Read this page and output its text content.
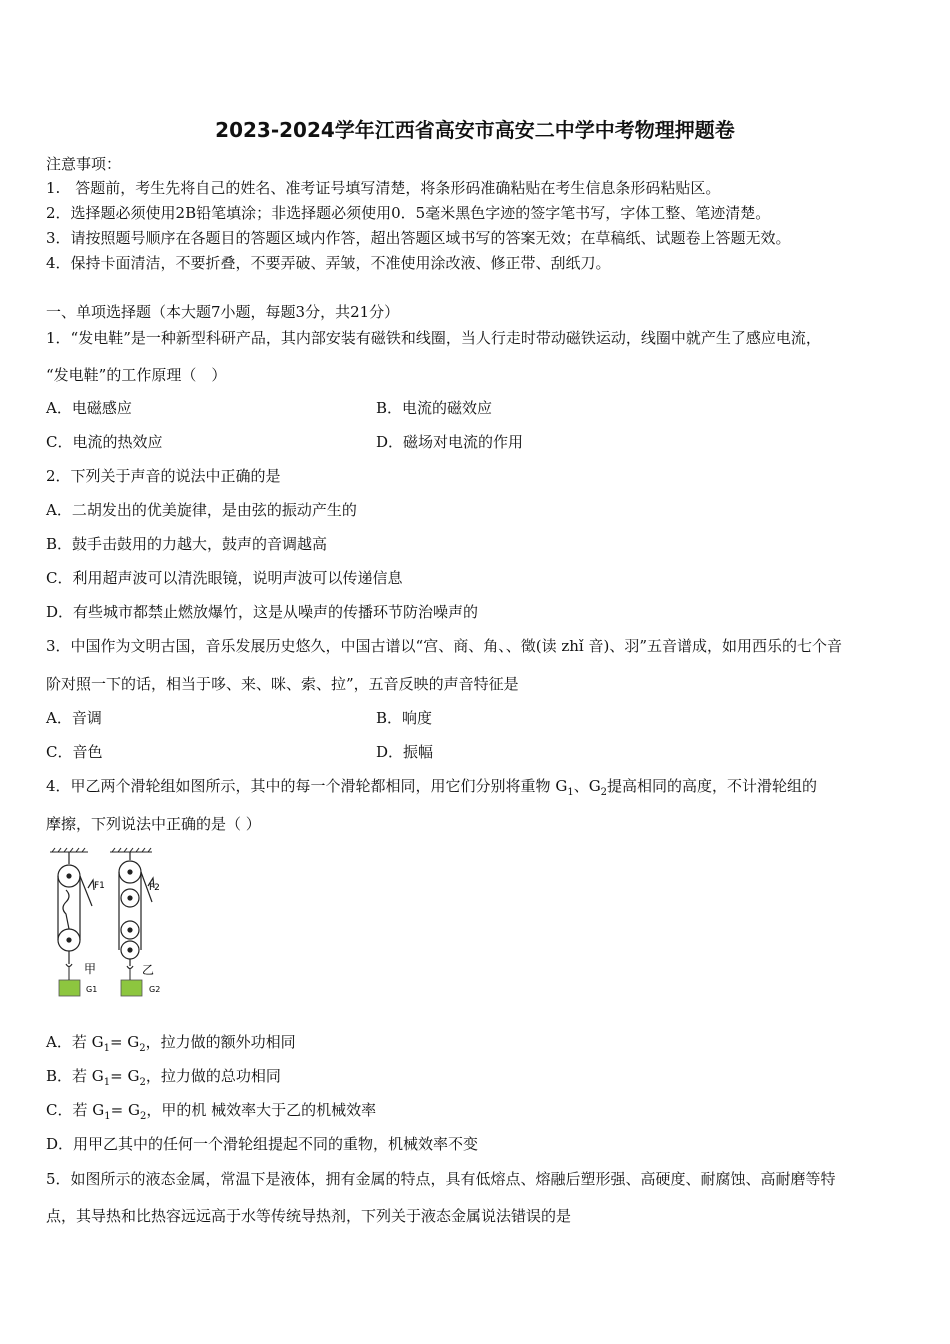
2023-2024学年江西省高安市高安二中学中考物理押题卷
注意事项：
1.　答题前，考生先将自己的姓名、准考证号填写清楚，将条形码准确粘贴在考生信息条形码粘贴区。
2．选择题必须使用2B铅笔填涂；非选择题必须使用0．5毫米黑色字迹的签字笔书写，字体工整、笔迹清楚。
3．请按照题号顺序在各题目的答题区域内作答，超出答题区域书写的答案无效；在草稿纸、试题卷上答题无效。
4．保持卡面清洁，不要折叠，不要弄破、弄皱，不准使用涂改液、修正带、刮纸刀。
一、单项选择题（本大题7小题，每题3分，共21分）
1．“发电鞋”是一种新型科研产品，其内部安装有磁铁和线圈，当人行走时带动磁铁运动，线圈中就产生了感应电流，
“发电鞋”的工作原理（　）
A．电磁感应	B．电流的磁效应
C．电流的热效应	D．磁场对电流的作用
2．下列关于声音的说法中正确的是
A．二胡发出的优美旋律，是由弦的振动产生的
B．鼓手击鼓用的力越大，鼓声的音调越高
C．利用超声波可以清洗眼镜，说明声波可以传递信息
D．有些城市都禁止燃放爆竹，这是从噪声的传播环节防治噪声的
3．中国作为文明古国，音乐发展历史悠久，中国古谱以“宫、商、角、、徵(读 zhǐ 音)、羽”五音谱成，如用西乐的七个音
阶对照一下的话，相当于哆、来、咪、索、拉”，五音反映的声音特征是
A．音调	B．响度
C．音色	D．振幅
4．甲乙两个滑轮组如图所示，其中的每一个滑轮都相同，用它们分别将重物 $G_1$、$G_2$提高相同的高度，不计滑轮组的
摩擦，下列说法中正确的是（ ）
F1
甲
G1
F2
乙
G2
A．若 $G_1= G_2$，拉力做的额外功相同
B．若 $G_1= G_2$，拉力做的总功相同
C．若 $G_1= G_2$，甲的机 械效率大于乙的机械效率
D．用甲乙其中的任何一个滑轮组提起不同的重物，机械效率不变
5．如图所示的液态金属，常温下是液体，拥有金属的特点，具有低熔点、熔融后塑形强、高硬度、耐腐蚀、高耐磨等特
点，其导热和比热容远远高于水等传统导热剂，下列关于液态金属说法错误的是
